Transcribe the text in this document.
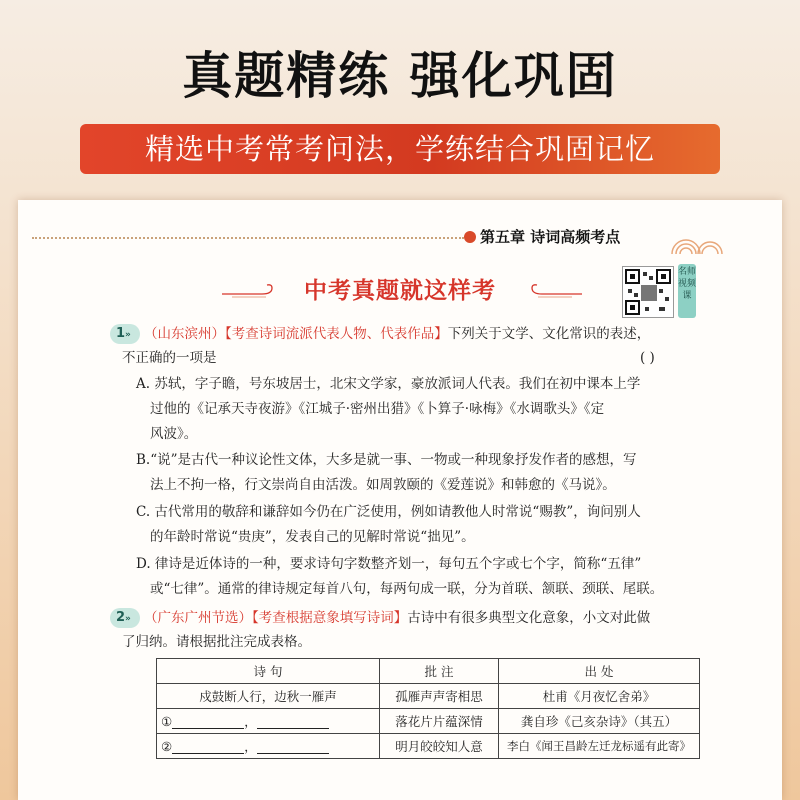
真题精练 强化巩固
精选中考常考问法，学练结合巩固记忆
第五章 诗词高频考点
中考真题就这样考
名师视频课
1» （山东滨州）【考查诗词流派代表人物、代表作品】下列关于文学、文化常识的表述，
不正确的一项是	( )
A. 苏轼，字子瞻，号东坡居士，北宋文学家，豪放派词人代表。我们在初中课本上学
过他的《记承天寺夜游》《江城子·密州出猎》《卜算子·咏梅》《水调歌头》《定
风波》。
B.“说”是古代一种议论性文体，大多是就一事、一物或一种现象抒发作者的感想，写
法上不拘一格，行文崇尚自由活泼。如周敦颐的《爱莲说》和韩愈的《马说》。
C. 古代常用的敬辞和谦辞如今仍在广泛使用，例如请教他人时常说“赐教”，询问别人
的年龄时常说“贵庚”，发表自己的见解时常说“拙见”。
D. 律诗是近体诗的一种，要求诗句字数整齐划一，每句五个字或七个字，简称“五律”
或“七律”。通常的律诗规定每首八句，每两句成一联，分为首联、颔联、颈联、尾联。
2» （广东广州节选）【考查根据意象填写诗词】古诗中有很多典型文化意象，小文对此做
了归纳。请根据批注完成表格。
诗 句	批 注	出 处
戍鼓断人行，边秋一雁声	孤雁声声寄相思	杜甫《月夜忆舍弟》
① ，	落花片片蕴深情	龚自珍《己亥杂诗》（其五）
② ，	明月皎皎知人意	李白《闻王昌龄左迁龙标遥有此寄》
